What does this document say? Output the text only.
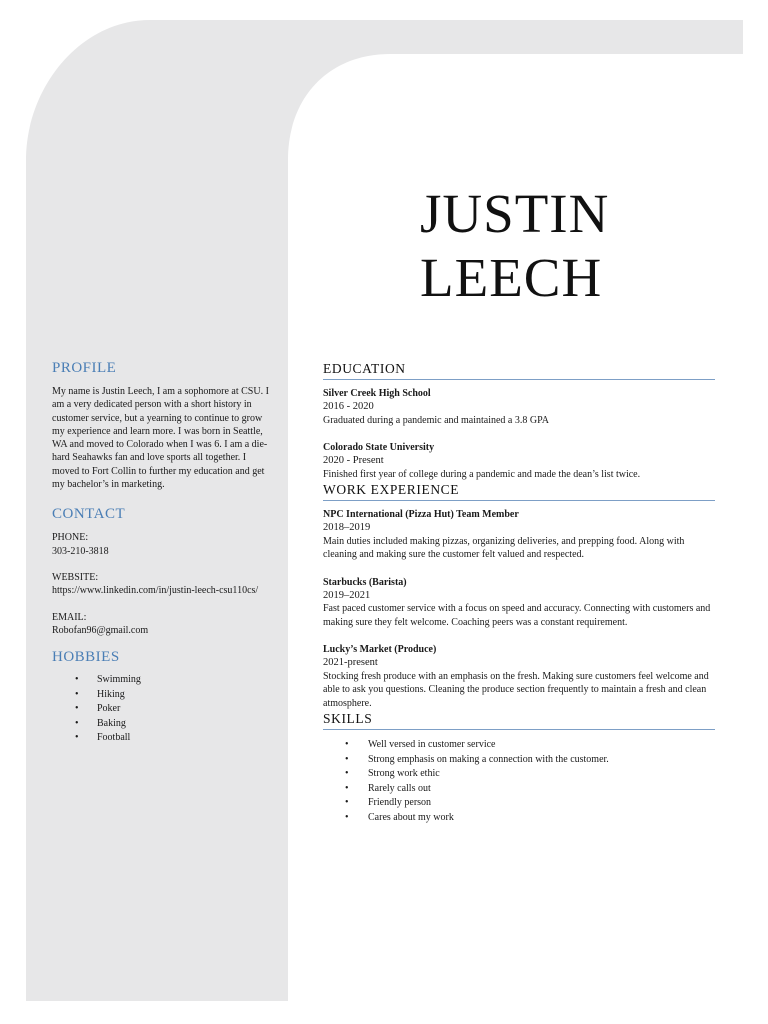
JUSTIN
LEECH
PROFILE

My name is Justin Leech, I am a sophomore at CSU. I am a very dedicated person with a short history in customer service, but a yearning to continue to grow my experience and learn more. I was born in Seattle, WA and moved to Colorado when I was 6. I am a die-hard Seahawks fan and love sports all together. I moved to Fort Collin to further my education and get my bachelor’s in marketing.

CONTACT

PHONE:

303-210-3818

WEBSITE:

https://www.linkedin.com/in/justin-leech-csu110cs/

EMAIL:

Robofan96@gmail.com

HOBBIES
• Swimming
• Hiking
• Poker
• Baking
• Football
EDUCATION
Silver Creek High School
2016 - 2020
Graduated during a pandemic and maintained a 3.8 GPA
Colorado State University
2020 - Present
Finished first year of college during a pandemic and made the dean’s list twice.
WORK EXPERIENCE
NPC International (Pizza Hut) Team Member
2018–2019
Main duties included making pizzas, organizing deliveries, and prepping food. Along with cleaning and making sure the customer felt valued and respected.
Starbucks (Barista)
2019–2021
Fast paced customer service with a focus on speed and accuracy. Connecting with customers and making sure they felt welcome. Coaching peers was a constant requirement.
Lucky’s Market (Produce)
2021-present
Stocking fresh produce with an emphasis on the fresh. Making sure customers feel welcome and able to ask you questions. Cleaning the produce section frequently to maintain a fresh and clean atmosphere.
SKILLS
• Well versed in customer service
• Strong emphasis on making a connection with the customer.
• Strong work ethic
• Rarely calls out
• Friendly person
• Cares about my work
